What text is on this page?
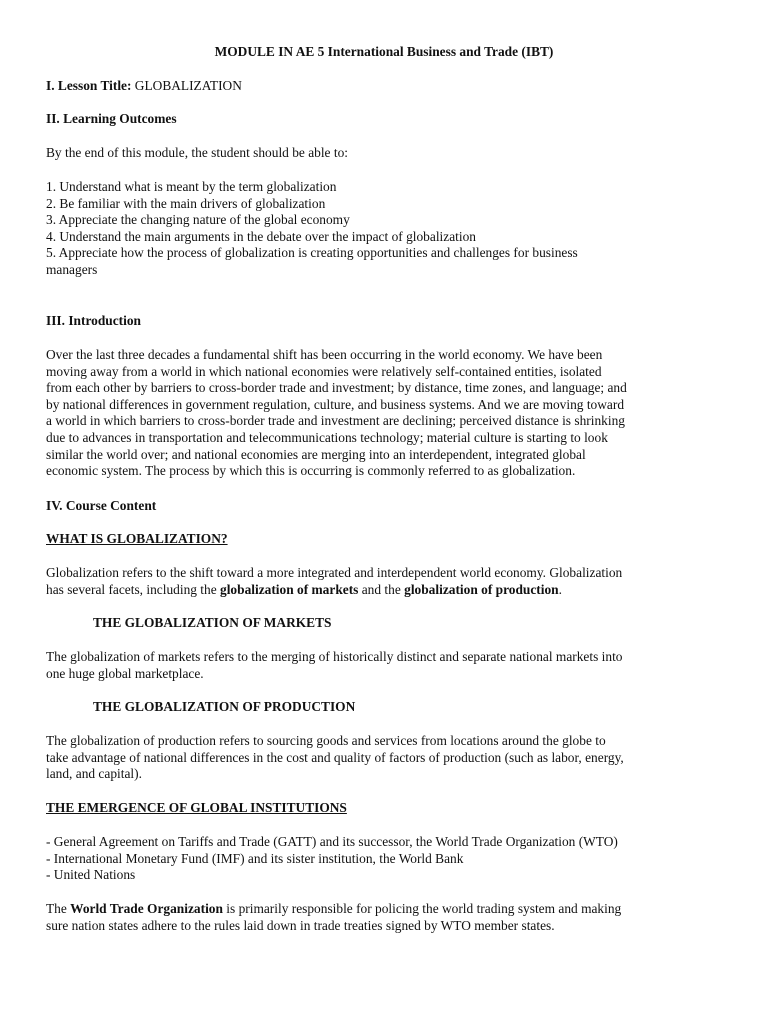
MODULE IN AE 5 International Business and Trade (IBT)

I. Lesson Title: GLOBALIZATION

II. Learning Outcomes

By the end of this module, the student should be able to:

1. Understand what is meant by the term globalization
2. Be familiar with the main drivers of globalization
3. Appreciate the changing nature of the global economy
4. Understand the main arguments in the debate over the impact of globalization
5. Appreciate how the process of globalization is creating opportunities and challenges for business
managers

III. Introduction

Over the last three decades a fundamental shift has been occurring in the world economy. We have been
moving away from a world in which national economies were relatively self-contained entities, isolated
from each other by barriers to cross-border trade and investment; by distance, time zones, and language; and
by national differences in government regulation, culture, and business systems. And we are moving toward
a world in which barriers to cross-border trade and investment are declining; perceived distance is shrinking
due to advances in transportation and telecommunications technology; material culture is starting to look
similar the world over; and national economies are merging into an interdependent, integrated global
economic system. The process by which this is occurring is commonly referred to as globalization.

IV. Course Content

WHAT IS GLOBALIZATION?

Globalization refers to the shift toward a more integrated and interdependent world economy. Globalization
has several facets, including the globalization of markets and the globalization of production.

THE GLOBALIZATION OF MARKETS

The globalization of markets refers to the merging of historically distinct and separate national markets into
one huge global marketplace.

THE GLOBALIZATION OF PRODUCTION

The globalization of production refers to sourcing goods and services from locations around the globe to
take advantage of national differences in the cost and quality of factors of production (such as labor, energy,
land, and capital).

THE EMERGENCE OF GLOBAL INSTITUTIONS

- General Agreement on Tariffs and Trade (GATT) and its successor, the World Trade Organization (WTO)
- International Monetary Fund (IMF) and its sister institution, the World Bank
- United Nations
The World Trade Organization is primarily responsible for policing the world trading system and making
sure nation states adhere to the rules laid down in trade treaties signed by WTO member states.
